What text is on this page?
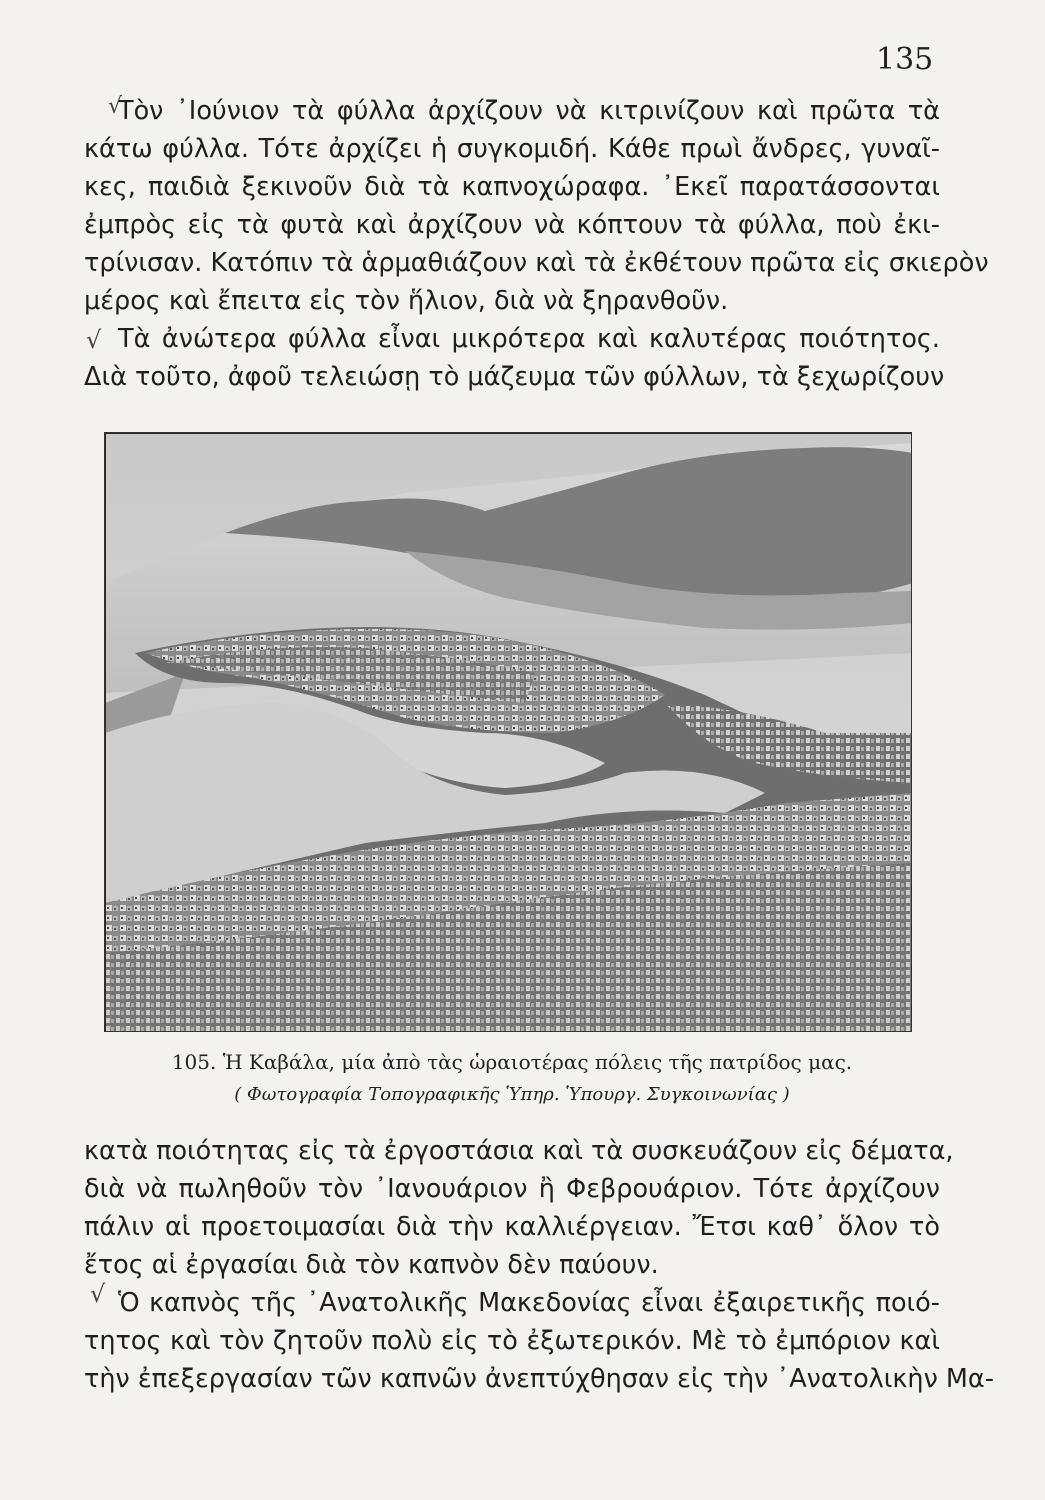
135
Τὸν ᾿Ιούνιον τὰ φύλλα ἀρχίζουν νὰ κιτρινίζουν καὶ πρῶτα τὰ
κάτω φύλλα. Τότε ἀρχίζει ἡ συγκομιδή. Κάθε πρωὶ ἄνδρες, γυναῖ-
κες, παιδιὰ ξεκινοῦν διὰ τὰ καπνοχώραφα. ᾿Εκεῖ παρατάσσονται
ἐμπρὸς εἰς τὰ φυτὰ καὶ ἀρχίζουν νὰ κόπτουν τὰ φύλλα, ποὺ ἐκι-
τρίνισαν. Κατόπιν τὰ ἁρμαθιάζουν καὶ τὰ ἐκθέτουν πρῶτα εἰς σκιερὸν
μέρος καὶ ἔπειτα εἰς τὸν ἥλιον, διὰ νὰ ξηρανθοῦν.
Τὰ ἀνώτερα φύλλα εἶναι μικρότερα καὶ καλυτέρας ποιότητος.
Διὰ τοῦτο, ἀφοῦ τελειώσῃ τὸ μάζευμα τῶν φύλλων, τὰ ξεχωρίζουν
√
105. Ἡ Καβάλα, μία ἀπὸ τὰς ὡραιοτέρας πόλεις τῆς πατρίδος μας.
( Φωτογραφία Τοπογραφικῆς Ὑπηρ. Ὑπουργ. Συγκοινωνίας )
κατὰ ποιότητας εἰς τὰ ἐργοστάσια καὶ τὰ συσκευάζουν εἰς δέματα,
διὰ νὰ πωληθοῦν τὸν ᾿Ιανουάριον ἢ Φεβρουάριον. Τότε ἀρχίζουν
πάλιν αἱ προετοιμασίαι διὰ τὴν καλλιέργειαν. Ἔτσι καθ᾿ ὅλον τὸ
ἔτος αἱ ἐργασίαι διὰ τὸν καπνὸν δὲν παύουν.
Ὁ καπνὸς τῆς ᾿Ανατολικῆς Μακεδονίας εἶναι ἐξαιρετικῆς ποιό-
τητος καὶ τὸν ζητοῦν πολὺ εἰς τὸ ἐξωτερικόν. Μὲ τὸ ἐμπόριον καὶ
τὴν ἐπεξεργασίαν τῶν καπνῶν ἀνεπτύχθησαν εἰς τὴν ᾿Ανατολικὴν Μα-
√
√
